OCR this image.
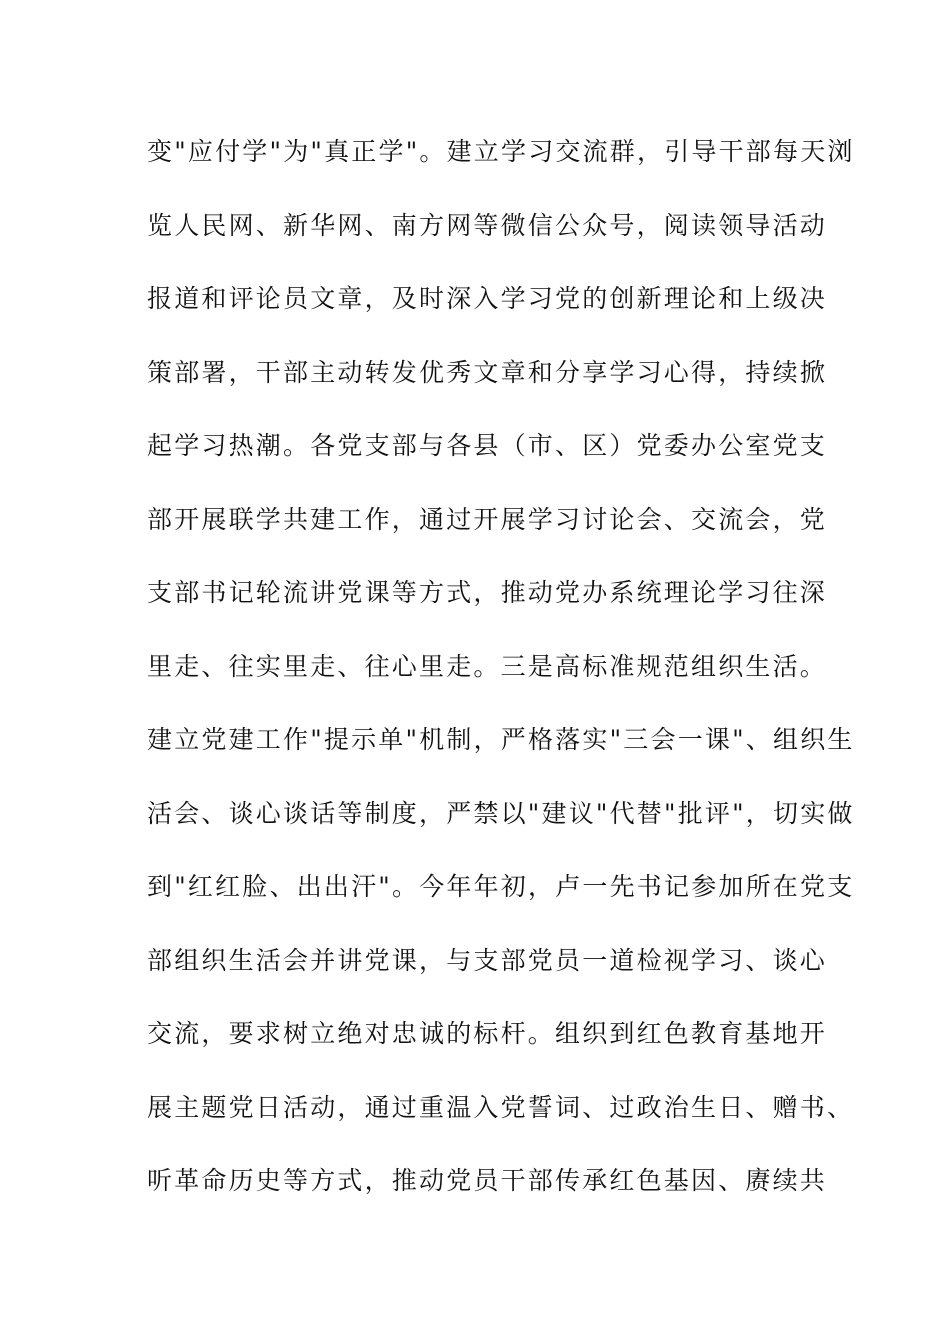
变"应付学"为"真正学"。建立学习交流群，引导干部每天浏
览人民网、新华网、南方网等微信公众号，阅读领导活动
报道和评论员文章，及时深入学习党的创新理论和上级决
策部署，干部主动转发优秀文章和分享学习心得，持续掀
起学习热潮。各党支部与各县（市、区）党委办公室党支
部开展联学共建工作，通过开展学习讨论会、交流会，党
支部书记轮流讲党课等方式，推动党办系统理论学习往深
里走、往实里走、往心里走。三是高标准规范组织生活。
建立党建工作"提示单"机制，严格落实"三会一课"、组织生
活会、谈心谈话等制度，严禁以"建议"代替"批评"，切实做
到"红红脸、出出汗"。今年年初，卢一先书记参加所在党支
部组织生活会并讲党课，与支部党员一道检视学习、谈心
交流，要求树立绝对忠诚的标杆。组织到红色教育基地开
展主题党日活动，通过重温入党誓词、过政治生日、赠书、
听革命历史等方式，推动党员干部传承红色基因、赓续共
